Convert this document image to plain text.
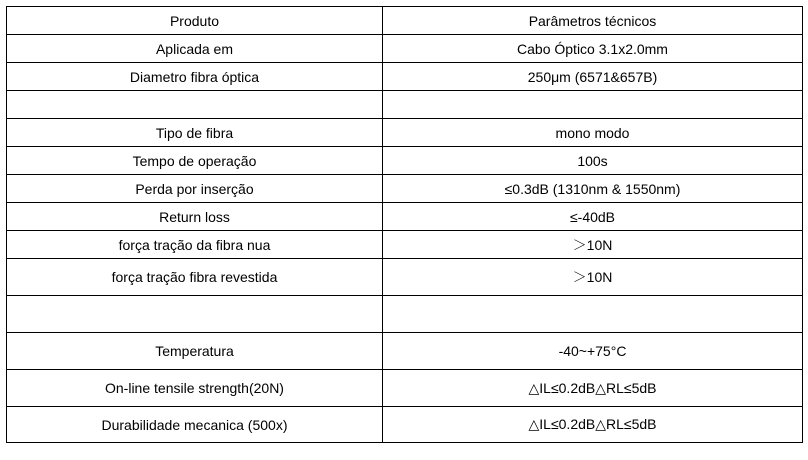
Produto	Parâmetros técnicos
Aplicada em	Cabo Óptico 3.1x2.0mm
Diametro fibra óptica	250μm (6571&657B)

Tipo de fibra	mono modo
Tempo de operação	100s
Perda por inserção	≤0.3dB (1310nm & 1550nm)
Return loss	≤-40dB
força tração da fibra nua	＞10N
força tração fibra revestida	＞10N

Temperatura	-40~+75°C
On-line tensile strength(20N)	△IL≤0.2dB△RL≤5dB
Durabilidade mecanica (500x)	△IL≤0.2dB△RL≤5dB
